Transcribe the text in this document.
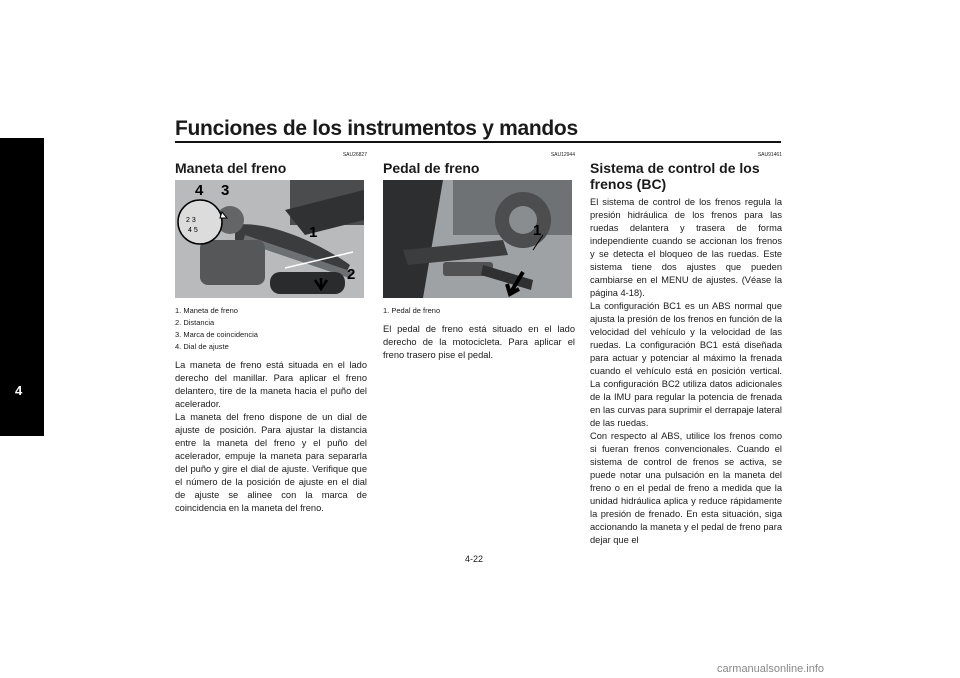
Funciones de los instrumentos y mandos
4
SAU26827
Maneta del freno
2 3
4 5
4 3
1
2
1. Maneta de freno
2. Distancia
3. Marca de coincidencia
4. Dial de ajuste

La maneta de freno está situada en el lado derecho del manillar. Para aplicar el freno delantero, tire de la maneta hacia el puño del acelerador.

La maneta del freno dispone de un dial de ajuste de posición. Para ajustar la distancia entre la maneta del freno y el puño del acelerador, empuje la maneta para separarla del puño y gire el dial de ajuste. Verifique que el número de la posición de ajuste en el dial de ajuste se alinee con la marca de coincidencia en la maneta del freno.

SAU12944
Pedal de freno
1
1. Pedal de freno

El pedal de freno está situado en el lado derecho de la motocicleta. Para aplicar el freno trasero pise el pedal.

SAU91461
Sistema de control de los frenos (BC)

El sistema de control de los frenos regula la presión hidráulica de los frenos para las ruedas delantera y trasera de forma independiente cuando se accionan los frenos y se detecta el bloqueo de las ruedas. Este sistema tiene dos ajustes que pueden cambiarse en el MENU de ajustes. (Véase la página 4-18).

La configuración BC1 es un ABS normal que ajusta la presión de los frenos en función de la velocidad del vehículo y la velocidad de las ruedas. La configuración BC1 está diseñada para actuar y potenciar al máximo la frenada cuando el vehículo está en posición vertical. La configuración BC2 utiliza datos adicionales de la IMU para regular la potencia de frenada en las curvas para suprimir el derrapaje lateral de las ruedas.

Con respecto al ABS, utilice los frenos como si fueran frenos convencionales. Cuando el sistema de control de frenos se activa, se puede notar una pulsación en la maneta del freno o en el pedal de freno a medida que la unidad hidráulica aplica y reduce rápidamente la presión de frenado. En esta situación, siga accionando la maneta y el pedal de freno para dejar que el

4-22
carmanualsonline.info
